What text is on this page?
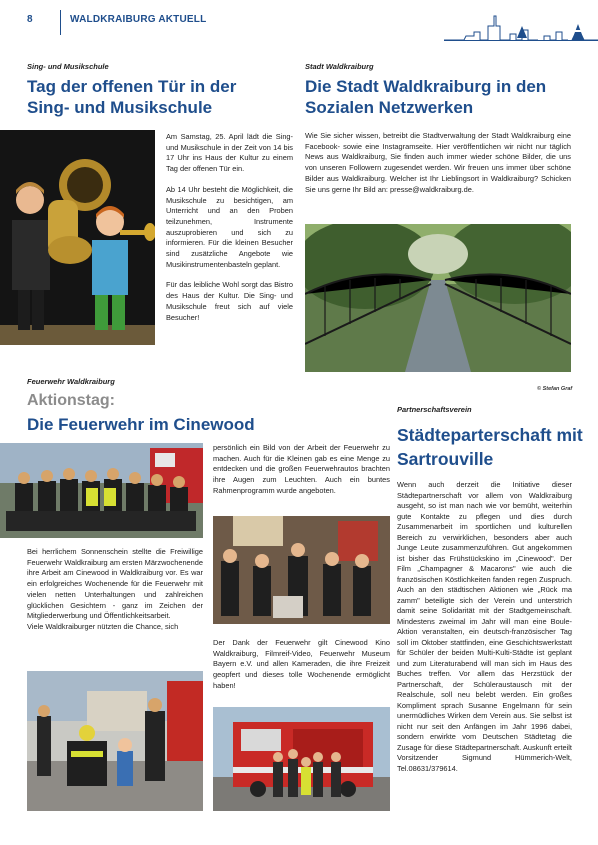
8	WALDKRAIBURG AKTUELL
Sing- und Musikschule
Tag der offenen Tür in der
Sing- und Musikschule

Am Samstag, 25. April lädt die Sing- und Musikschule in der Zeit von 14 bis 17 Uhr ins Haus der Kultur zu einem Tag der offenen Tür ein.

Ab 14 Uhr besteht die Möglichkeit, die Musikschule zu besichtigen, am Unterricht und an den Proben teilzunehmen, Instrumente auszuprobieren und sich zu informieren. Für die kleinen Besucher sind zusätzliche Angebote wie Musikinstrumentenbasteln geplant.

Für das leibliche Wohl sorgt das Bistro des Haus der Kultur. Die Sing- und Musikschule freut sich auf viele Besucher!

Stadt Waldkraiburg
Die Stadt Waldkraiburg in den
Sozialen Netzwerken
Wie Sie sicher wissen, betreibt die Stadtverwaltung der Stadt Waldkraiburg eine Facebook- sowie eine Instagramseite. Hier veröffentlichen wir nicht nur täglich News aus Waldkraiburg, Sie finden auch immer wieder schöne Bilder, die uns von unseren Followern zugesendet werden. Wir freuen uns immer über schöne Bilder aus Waldkraiburg. Welcher ist Ihr Lieblingsort in Waldkraiburg? Schicken Sie uns gerne Ihr Bild an: presse@waldkraiburg.de.
© Stefan Graf
Feuerwehr Waldkraiburg
Aktionstag:
Die Feuerwehr im Cinewood
Bei herrlichem Sonnenschein stellte die Freiwillige Feuerwehr Waldkraiburg am ersten Märzwochenende ihre Arbeit am Cinewood in Waldkraiburg vor. Es war ein erfolgreiches Wochenende für die Feuerwehr mit vielen netten Unterhaltungen und zahlreichen glücklichen Gesichtern - ganz im Zeichen der Mitgliederwerbung und Öffentlichkeitsarbeit.
Viele Waldkraiburger nützten die Chance, sich
persönlich ein Bild von der Arbeit der Feuerwehr zu machen. Auch für die Kleinen gab es eine Menge zu entdecken und die großen Feuerwehrautos brachten ihre Augen zum Leuchten. Auch ein buntes Rahmenprogramm wurde angeboten.
Der Dank der Feuerwehr gilt Cinewood Kino Waldkraiburg, Filmreif-Video, Feuerwehr Museum Bayern e.V. und allen Kameraden, die ihre Freizeit geopfert und dieses tolle Wochenende ermöglicht haben!
Partnerschaftsverein
Städteparterschaft mit
Sartrouville
Wenn auch derzeit die Initiative dieser Städtepartnerschaft vor allem von Waldkraiburg ausgeht, so ist man nach wie vor bemüht, weiterhin gute Kontakte zu pflegen und dies durch Zusammenarbeit im sportlichen und kulturellen Bereich zu verwirklichen, besonders aber auch Junge Leute zusammenzuführen. Gut angekommen ist bisher das Frühstückskino im „Cinewood". Der Film „Champagner & Macarons" wie auch die französischen Köstlichkeiten fanden regen Zuspruch. Auch an den städtischen Aktionen wie „Rück ma zamm" beteiligte sich der Verein und unterstrich damit seine Solidarität mit der Stadtgemeinschaft. Mindestens zweimal im Jahr will man eine Boule-Aktion veranstalten, ein deutsch-französischer Tag soll im Oktober stattfinden, eine Geschichtswerkstatt für Schüler der beiden Multi-Kulti-Städte ist geplant und zum Literaturabend will man sich im Haus des Buches treffen. Vor allem das Herzstück der Partnerschaft, der Schüleraustausch mit der Realschule, soll neu belebt werden. Ein großes Kompliment sprach Susanne Engelmann für sein unermüdliches Wirken dem Verein aus. Sie selbst ist nicht nur seit den Anfängen im Jahr 1996 dabei, sondern erwirkte vom Deutschen Städtetag die Zusage für diese Städtepartnerschaft. Auskunft erteilt Vorsitzender Sigmund Hümmerich-Welt, Tel.08631/379614.
